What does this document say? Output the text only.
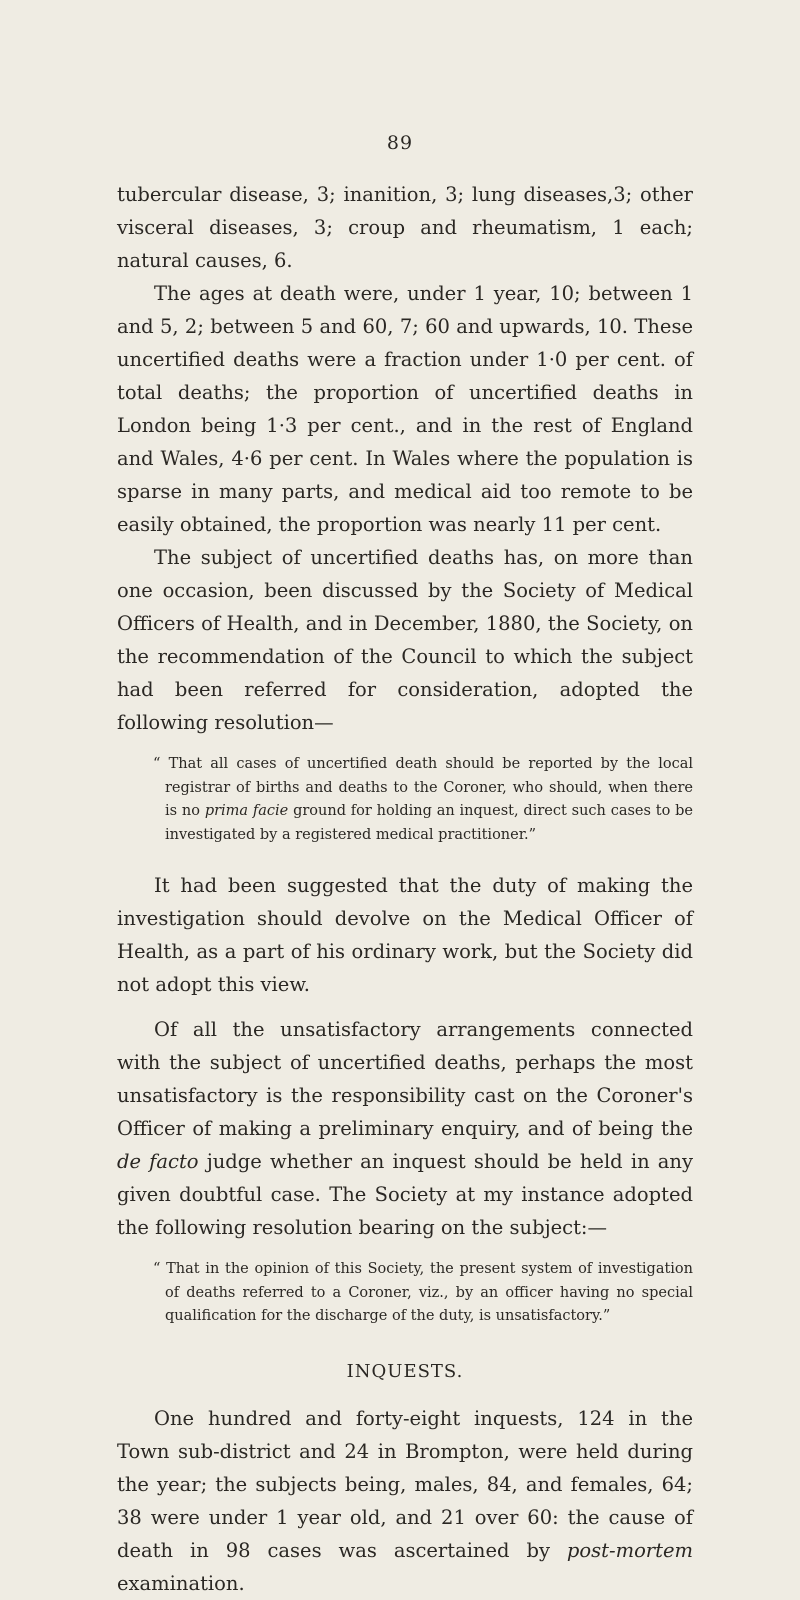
89

tubercular disease, 3; inanition, 3; lung diseases,3; other visceral diseases, 3; croup and rheumatism, 1 each; natural causes, 6.

The ages at death were, under 1 year, 10; between 1 and 5, 2; between 5 and 60, 7; 60 and upwards, 10. These uncertified deaths were a fraction under 1·0 per cent. of total deaths; the proportion of uncertified deaths in London being 1·3 per cent., and in the rest of England and Wales, 4·6 per cent. In Wales where the population is sparse in many parts, and medical aid too remote to be easily obtained, the proportion was nearly 11 per cent.

The subject of uncertified deaths has, on more than one occasion, been discussed by the Society of Medical Officers of Health, and in December, 1880, the Society, on the recommendation of the Council to which the subject had been referred for consideration, adopted the following resolution—

“ That all cases of uncertified death should be reported by the local registrar of births and deaths to the Coroner, who should, when there is no prima facie ground for holding an inquest, direct such cases to be investigated by a registered medical practitioner.”

It had been suggested that the duty of making the investigation should devolve on the Medical Officer of Health, as a part of his ordinary work, but the Society did not adopt this view.

Of all the unsatisfactory arrangements connected with the subject of uncertified deaths, perhaps the most unsatisfactory is the responsibility cast on the Coroner's Officer of making a preliminary enquiry, and of being the de facto judge whether an inquest should be held in any given doubtful case. The Society at my instance adopted the following resolution bearing on the subject:—

“ That in the opinion of this Society, the present system of investigation of deaths referred to a Coroner, viz., by an officer having no special qualification for the discharge of the duty, is unsatisfactory.”

INQUESTS.

One hundred and forty-eight inquests, 124 in the Town sub-district and 24 in Brompton, were held during the year; the subjects being, males, 84, and females, 64; 38 were under 1 year old, and 21 over 60: the cause of death in 98 cases was ascertained by post-mortem examination.
